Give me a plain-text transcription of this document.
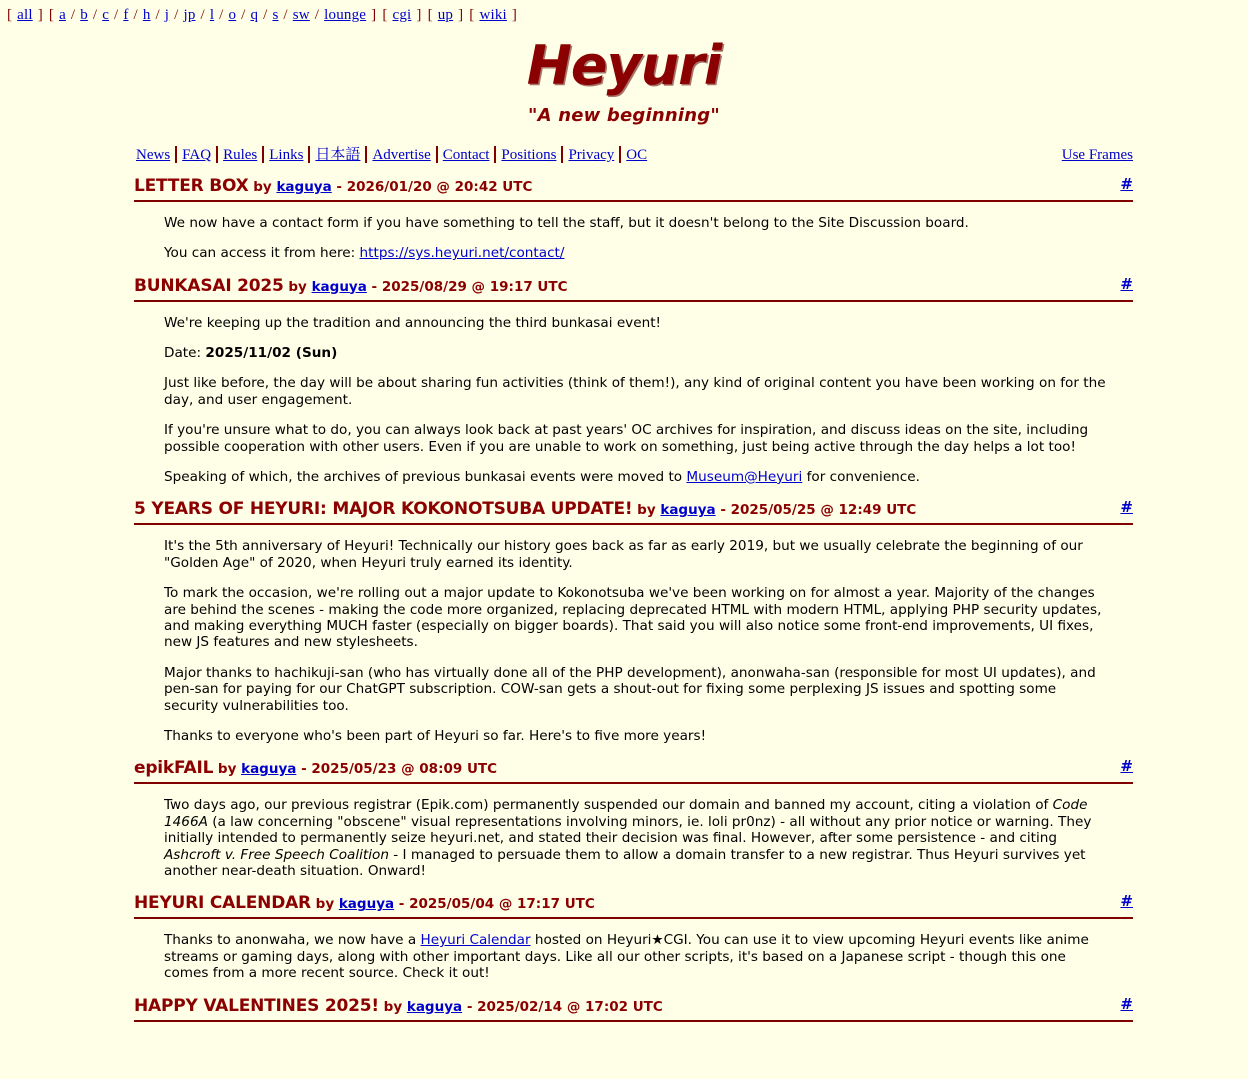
[ all ] [ a / b / c / f / h / j / jp / l / o / q / s / sw / lounge ] [ cgi ] [ up ] [ wiki ]
Heyuri
"A new beginning"
News FAQ Rules Links 日本語 Advertise Contact Positions Privacy OC	Use Frames
LETTER BOX by kaguya - 2026/01/20 @ 20:42 UTC	#

We now have a contact form if you have something to tell the staff, but it doesn't belong to the Site Discussion board.

You can access it from here: https://sys.heyuri.net/contact/

BUNKASAI 2025 by kaguya - 2025/08/29 @ 19:17 UTC	#

We're keeping up the tradition and announcing the third bunkasai event!

Date: 2025/11/02 (Sun)

Just like before, the day will be about sharing fun activities (think of them!), any kind of original content you have been working on for the day, and user engagement.

If you're unsure what to do, you can always look back at past years' OC archives for inspiration, and discuss ideas on the site, including possible cooperation with other users. Even if you are unable to work on something, just being active through the day helps a lot too!

Speaking of which, the archives of previous bunkasai events were moved to Museum@Heyuri for convenience.

5 YEARS OF HEYURI: MAJOR KOKONOTSUBA UPDATE! by kaguya - 2025/05/25 @ 12:49 UTC	#

It's the 5th anniversary of Heyuri! Technically our history goes back as far as early 2019, but we usually celebrate the beginning of our "Golden Age" of 2020, when Heyuri truly earned its identity.

To mark the occasion, we're rolling out a major update to Kokonotsuba we've been working on for almost a year. Majority of the changes are behind the scenes - making the code more organized, replacing deprecated HTML with modern HTML, applying PHP security updates, and making everything MUCH faster (especially on bigger boards). That said you will also notice some front-end improvements, UI fixes, new JS features and new stylesheets.

Major thanks to hachikuji-san (who has virtually done all of the PHP development), anonwaha-san (responsible for most UI updates), and pen-san for paying for our ChatGPT subscription. COW-san gets a shout-out for fixing some perplexing JS issues and spotting some security vulnerabilities too.

Thanks to everyone who's been part of Heyuri so far. Here's to five more years!

epikFAIL by kaguya - 2025/05/23 @ 08:09 UTC	#

Two days ago, our previous registrar (Epik.com) permanently suspended our domain and banned my account, citing a violation of Code 1466A (a law concerning "obscene" visual representations involving minors, ie. loli pr0nz) - all without any prior notice or warning. They initially intended to permanently seize heyuri.net, and stated their decision was final. However, after some persistence - and citing Ashcroft v. Free Speech Coalition - I managed to persuade them to allow a domain transfer to a new registrar. Thus Heyuri survives yet another near-death situation. Onward!

HEYURI CALENDAR by kaguya - 2025/05/04 @ 17:17 UTC	#

Thanks to anonwaha, we now have a Heyuri Calendar hosted on Heyuri★CGI. You can use it to view upcoming Heyuri events like anime streams or gaming days, along with other important days. Like all our other scripts, it's based on a Japanese script - though this one comes from a more recent source. Check it out!

HAPPY VALENTINES 2025! by kaguya - 2025/02/14 @ 17:02 UTC	#
